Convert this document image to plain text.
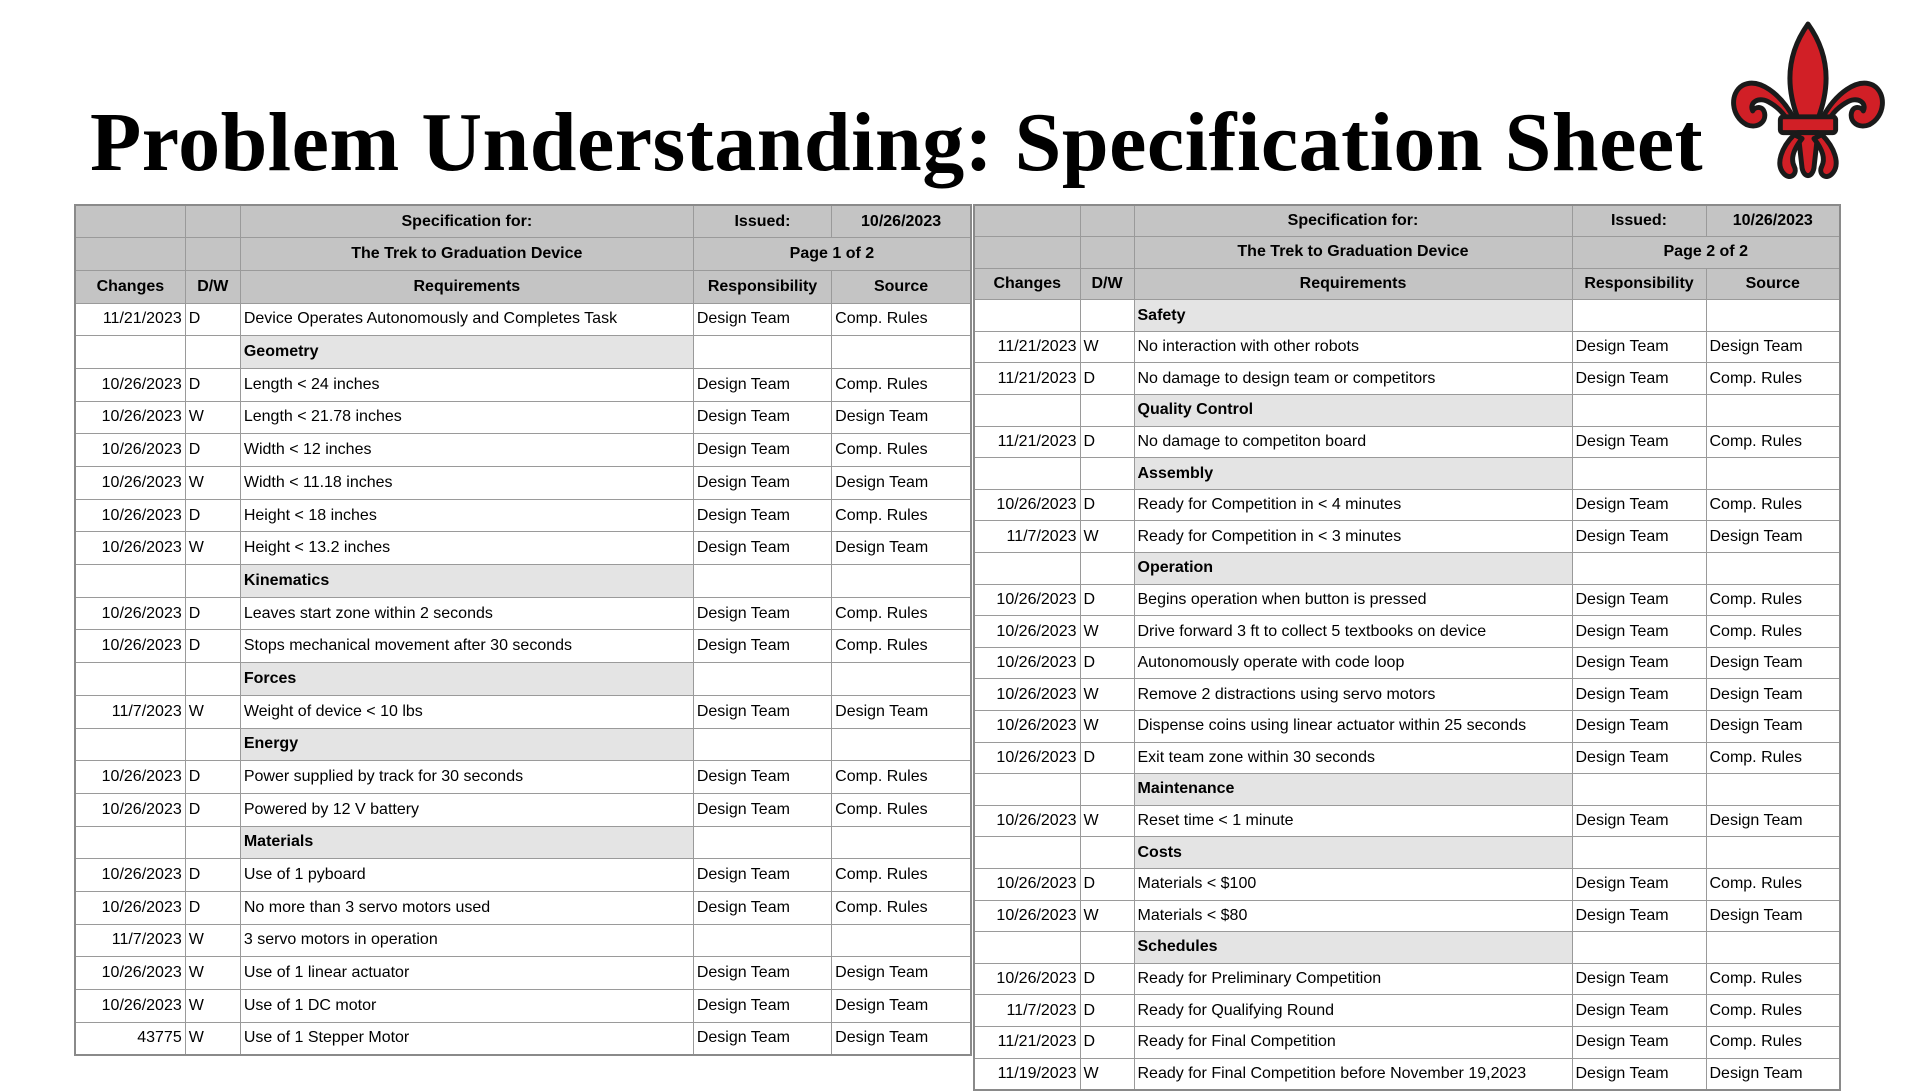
Problem Understanding: Specification Sheet
		Specification for:	Issued:	10/26/2023
		The Trek to Graduation Device	Page 1 of 2	
Changes	D/W	Requirements	Responsibility	Source
11/21/2023	D	Device Operates Autonomously and Completes Task	Design Team	Comp. Rules
		Geometry		
10/26/2023	D	Length < 24 inches	Design Team	Comp. Rules
10/26/2023	W	Length < 21.78 inches	Design Team	Design Team
10/26/2023	D	Width < 12 inches	Design Team	Comp. Rules
10/26/2023	W	Width < 11.18 inches	Design Team	Design Team
10/26/2023	D	Height < 18 inches	Design Team	Comp. Rules
10/26/2023	W	Height < 13.2 inches	Design Team	Design Team
		Kinematics		
10/26/2023	D	Leaves start zone within 2 seconds	Design Team	Comp. Rules
10/26/2023	D	Stops mechanical movement after 30 seconds	Design Team	Comp. Rules
		Forces		
11/7/2023	W	Weight of device < 10 lbs	Design Team	Design Team
		Energy		
10/26/2023	D	Power supplied by track for 30 seconds	Design Team	Comp. Rules
10/26/2023	D	Powered by 12 V battery	Design Team	Comp. Rules
		Materials		
10/26/2023	D	Use of 1 pyboard	Design Team	Comp. Rules
10/26/2023	D	No more than 3 servo motors used	Design Team	Comp. Rules
11/7/2023	W	3 servo motors in operation		
10/26/2023	W	Use of 1 linear actuator	Design Team	Design Team
10/26/2023	W	Use of 1 DC motor	Design Team	Design Team
43775	W	Use of 1 Stepper Motor	Design Team	Design Team
		Specification for:	Issued:	10/26/2023
		The Trek to Graduation Device	Page 2 of 2	
Changes	D/W	Requirements	Responsibility	Source
		Safety		
11/21/2023	W	No interaction with other robots	Design Team	Design Team
11/21/2023	D	No damage to design team or competitors	Design Team	Comp. Rules
		Quality Control		
11/21/2023	D	No damage to competiton board	Design Team	Comp. Rules
		Assembly		
10/26/2023	D	Ready for Competition in < 4 minutes	Design Team	Comp. Rules
11/7/2023	W	Ready for Competition in < 3 minutes	Design Team	Design Team
		Operation		
10/26/2023	D	Begins operation when button is pressed	Design Team	Comp. Rules
10/26/2023	W	Drive forward 3 ft to collect 5 textbooks on device	Design Team	Comp. Rules
10/26/2023	D	Autonomously operate with code loop	Design Team	Design Team
10/26/2023	W	Remove 2 distractions using servo motors	Design Team	Design Team
10/26/2023	W	Dispense coins using linear actuator within 25 seconds	Design Team	Design Team
10/26/2023	D	Exit team zone within 30 seconds	Design Team	Comp. Rules
		Maintenance		
10/26/2023	W	Reset time < 1 minute	Design Team	Design Team
		Costs		
10/26/2023	D	Materials < $100	Design Team	Comp. Rules
10/26/2023	W	Materials < $80	Design Team	Design Team
		Schedules		
10/26/2023	D	Ready for Preliminary Competition	Design Team	Comp. Rules
11/7/2023	D	Ready for Qualifying Round	Design Team	Comp. Rules
11/21/2023	D	Ready for Final Competition	Design Team	Comp. Rules
11/19/2023	W	Ready for Final Competition before November 19,2023	Design Team	Design Team
